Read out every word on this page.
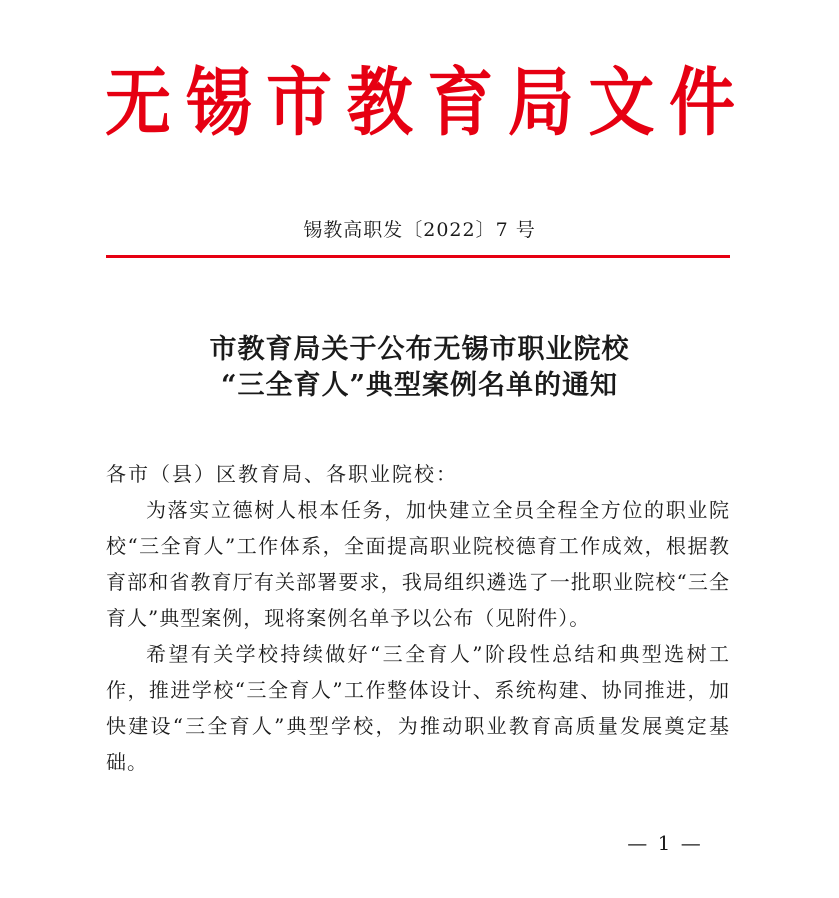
无 锡 市 教 育 局 文 件
锡教高职发〔2022〕7 号
市教育局关于公布无锡市职业院校
“三全育人”典型案例名单的通知

各市（县）区教育局、各职业院校：

为落实立德树人根本任务，加快建立全员全程全方位的职业院校“三全育人”工作体系，全面提高职业院校德育工作成效，根据教育部和省教育厅有关部署要求，我局组织遴选了一批职业院校“三全育人”典型案例，现将案例名单予以公布（见附件）。

希望有关学校持续做好“三全育人”阶段性总结和典型选树工作，推进学校“三全育人”工作整体设计、系统构建、协同推进，加快建设“三全育人”典型学校，为推动职业教育高质量发展奠定基础。

— 1 —
